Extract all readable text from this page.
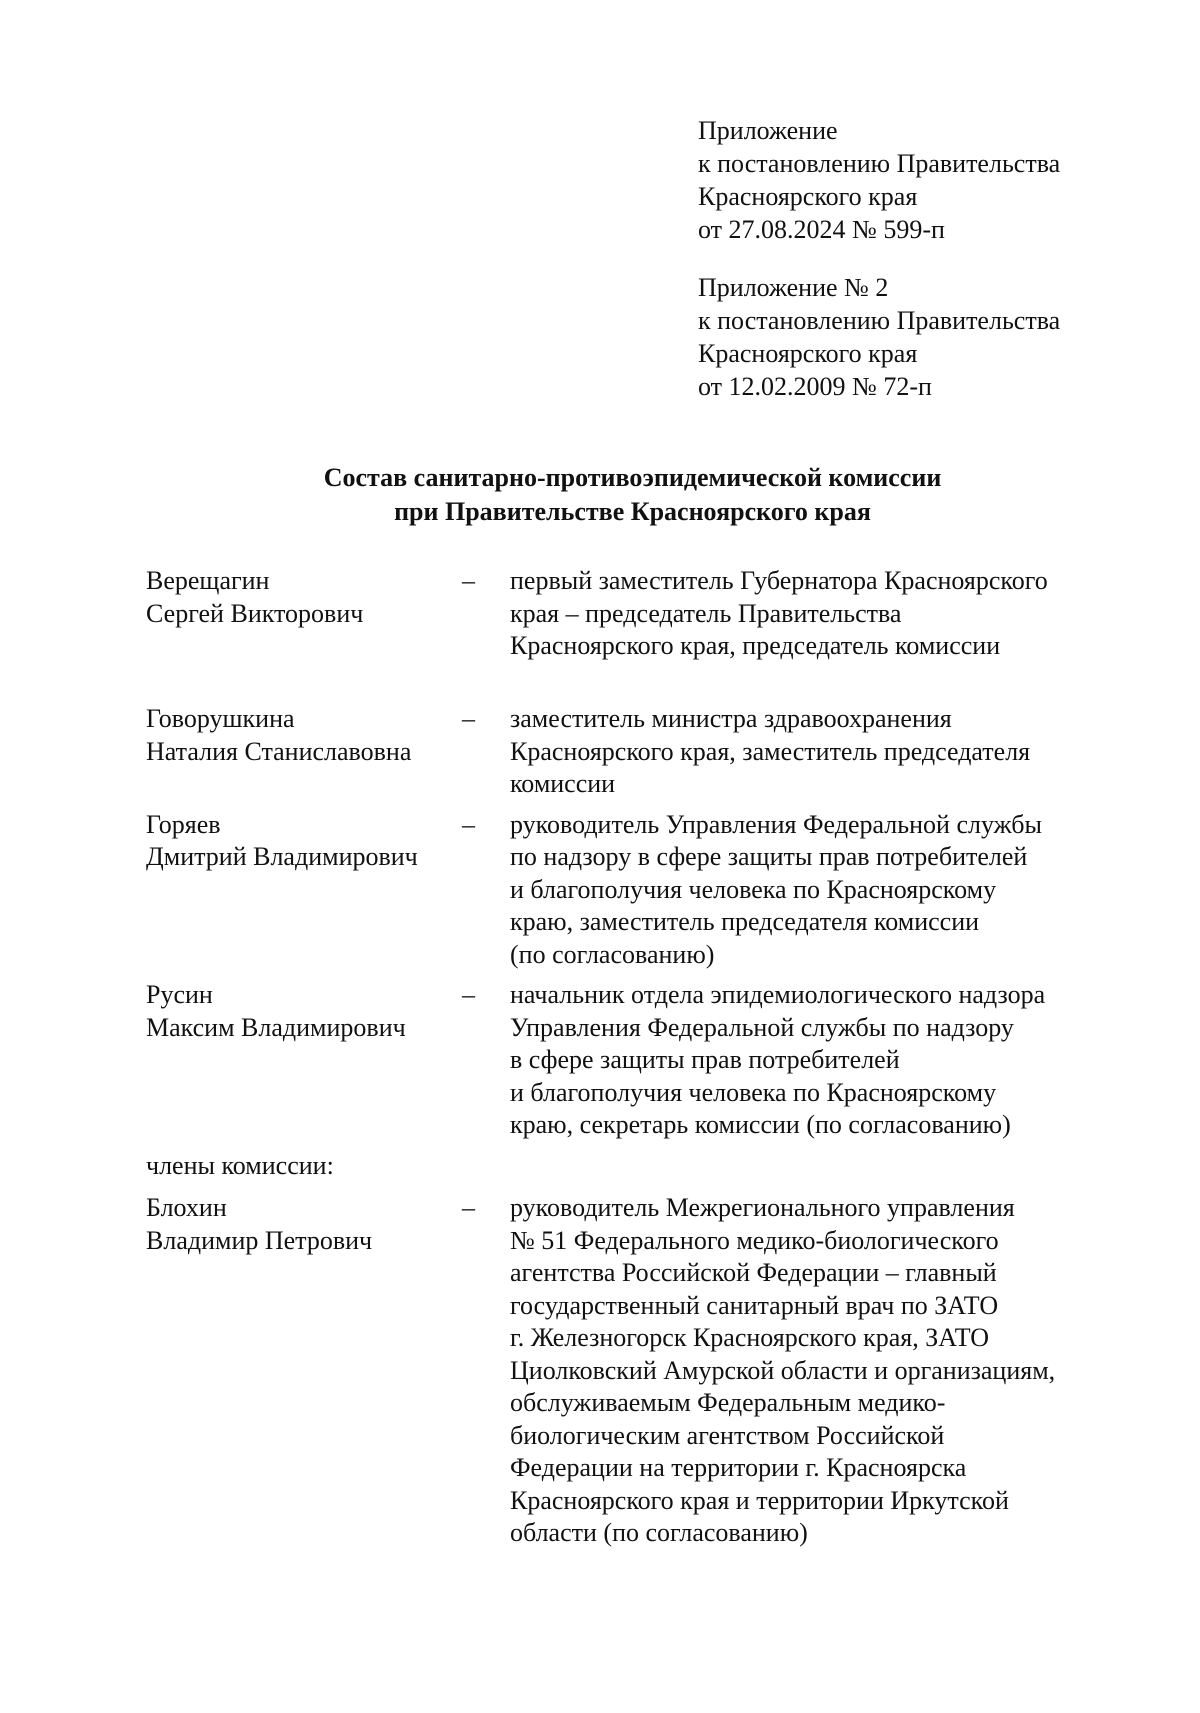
Приложение
к постановлению Правительства
Красноярского края
от 27.08.2024 № 599-п
Приложение № 2
к постановлению Правительства
Красноярского края
от 12.02.2009 № 72-п
Состав санитарно-противоэпидемической комиссии
при Правительстве Красноярского края
Верещагин
Сергей Викторович
– первый заместитель Губернатора Красноярского
края – председатель Правительства
Красноярского края, председатель комиссии
Говорушкина
Наталия Станиславовна
– заместитель министра здравоохранения
Красноярского края, заместитель председателя
комиссии
Горяев
Дмитрий Владимирович
– руководитель Управления Федеральной службы
по надзору в сфере защиты прав потребителей
и благополучия человека по Красноярскому
краю, заместитель председателя комиссии
(по согласованию)
Русин
Максим Владимирович
– начальник отдела эпидемиологического надзора
Управления Федеральной службы по надзору
в сфере защиты прав потребителей
и благополучия человека по Красноярскому
краю, секретарь комиссии (по согласованию)
члены комиссии:
Блохин
Владимир Петрович
– руководитель Межрегионального управления
№ 51 Федерального медико-биологического
агентства Российской Федерации – главный
государственный санитарный врач по ЗАТО
г. Железногорск Красноярского края, ЗАТО
Циолковский Амурской области и организациям,
обслуживаемым Федеральным медико-
биологическим агентством Российской
Федерации на территории г. Красноярска
Красноярского края и территории Иркутской
области (по согласованию)
